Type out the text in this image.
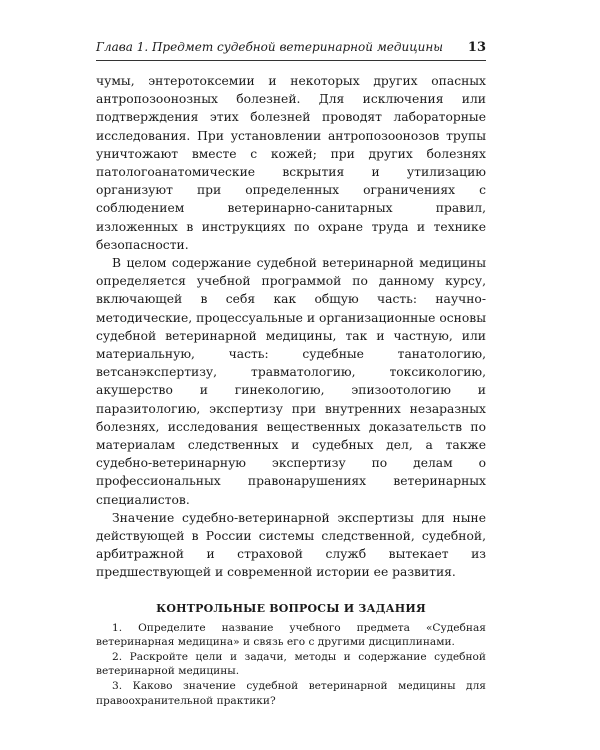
Глава 1. Предмет судебной ветеринарной медицины 13

чумы, энтеротоксемии и некоторых других опасных антропозоонозных болезней. Для исключения или подтверждения этих болезней проводят лабораторные исследования. При установлении антропозоонозов трупы уничтожают вместе с кожей; при других болезнях патологоанатомические вскрытия и утилизацию организуют при определенных ограничениях с соблюдением ветеринарно-санитарных правил, изложенных в инструкциях по охране труда и технике безопасности.

В целом содержание судебной ветеринарной медицины определяется учебной программой по данному курсу, включающей в себя как общую часть: научно-методические, процессуальные и организационные основы судебной ветеринарной медицины, так и частную, или материальную, часть: судебные танатологию, ветсанэкспертизу, травматологию, токсикологию, акушерство и гинекологию, эпизоотологию и паразитологию, экспертизу при внутренних незаразных болезнях, исследования вещественных доказательств по материалам следственных и судебных дел, а также судебно-ветеринарную экспертизу по делам о профессиональных правонарушениях ветеринарных специалистов.

Значение судебно-ветеринарной экспертизы для ныне действующей в России системы следственной, судебной, арбитражной и страховой служб вытекает из предшествующей и современной истории ее развития.

КОНТРОЛЬНЫЕ ВОПРОСЫ И ЗАДАНИЯ

1. Определите название учебного предмета «Судебная ветеринарная медицина» и связь его с другими дисциплинами.

2. Раскройте цели и задачи, методы и содержание судебной ветеринарной медицины.

3. Каково значение судебной ветеринарной медицины для правоохранительной практики?
